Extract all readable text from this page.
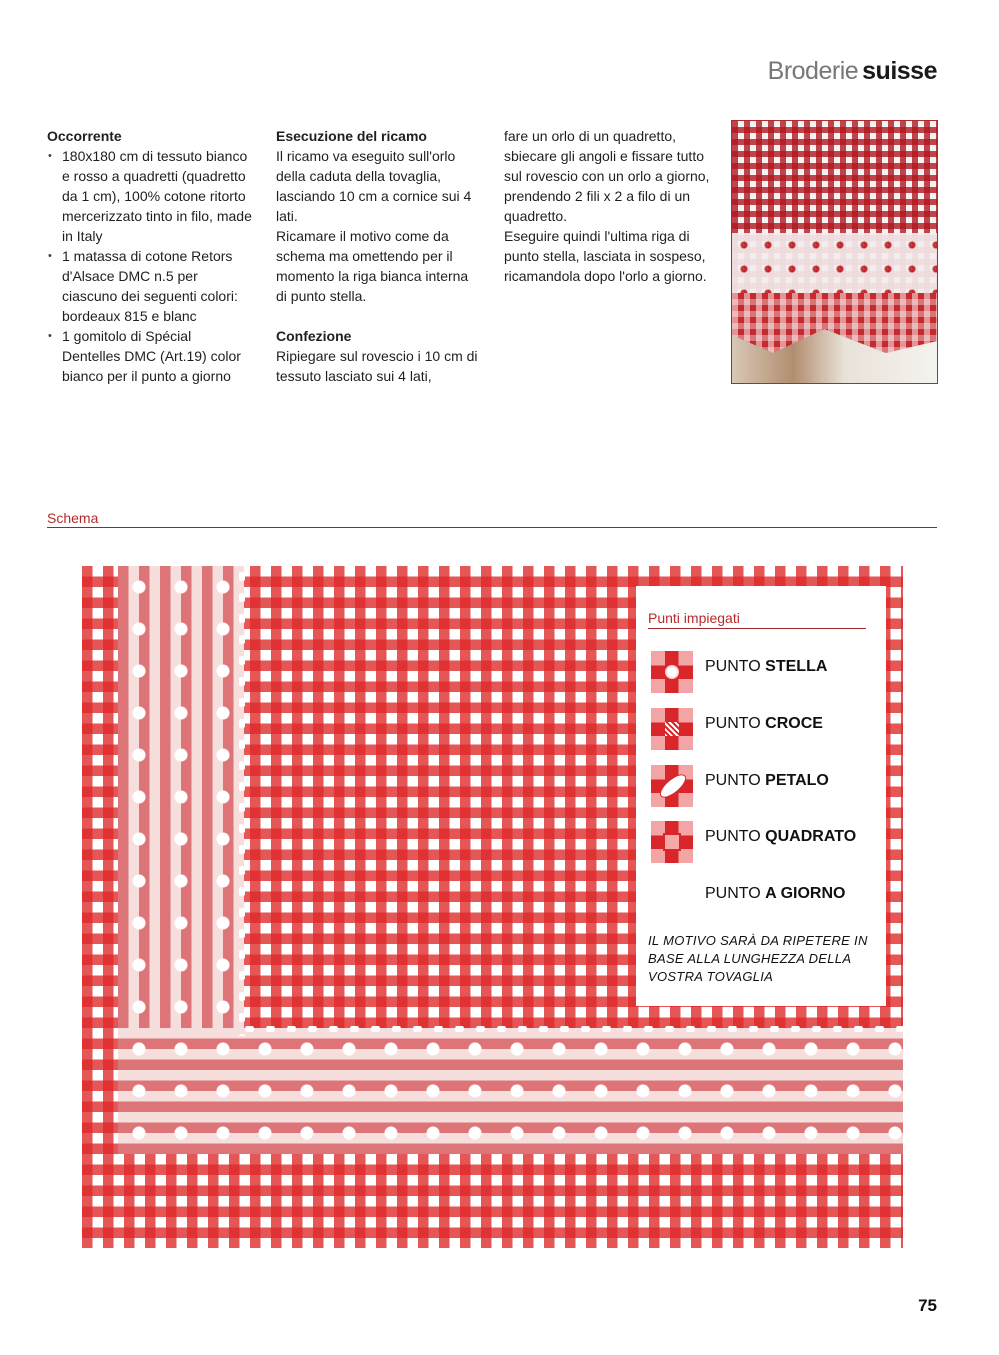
Broderie suisse
Occorrente
• 180x180 cm di tessuto bianco e rosso a quadretti (quadretto da 1 cm), 100% cotone ritorto mercerizzato tinto in filo, made in Italy
• 1 matassa di cotone Retors d'Alsace DMC n.5 per ciascuno dei seguenti colori: bordeaux 815 e blanc
• 1 gomitolo di Spécial Dentelles DMC (Art.19) color bianco per il punto a giorno
Esecuzione del ricamo

Il ricamo va eseguito sull'orlo della caduta della tovaglia, lasciando 10 cm a cornice sui 4 lati.

Ricamare il motivo come da schema ma omettendo per il momento la riga bianca interna di punto stella.

Confezione

Ripiegare sul rovescio i 10 cm di tessuto lasciato sui 4 lati,

fare un orlo di un quadretto, sbiecare gli angoli e fissare tutto sul rovescio con un orlo a giorno, prendendo 2 fili x 2 a filo di un quadretto.

Eseguire quindi l'ultima riga di punto stella, lasciata in sospeso, ricamandola dopo l'orlo a giorno.

Schema
Punti impiegati
PUNTO STELLA
PUNTO CROCE
PUNTO PETALO
PUNTO QUADRATO
PUNTO A GIORNO
IL MOTIVO SARÀ DA RIPETERE IN BASE ALLA LUNGHEZZA DELLA VOSTRA TOVAGLIA
75
